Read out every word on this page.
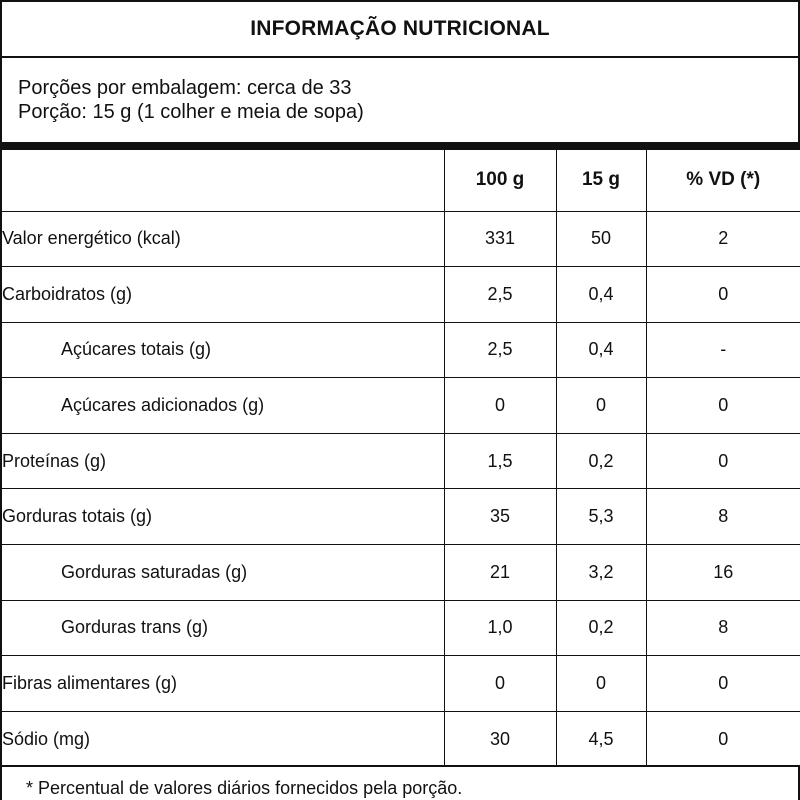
INFORMAÇÃO NUTRICIONAL
Porções por embalagem: cerca de 33
Porção: 15 g (1 colher e meia de sopa)
	100 g	15 g	% VD (*)
Valor energético (kcal)	331	50	2
Carboidratos (g)	2,5	0,4	0
Açúcares totais (g)	2,5	0,4	-
Açúcares adicionados (g)	0	0	0
Proteínas (g)	1,5	0,2	0
Gorduras totais (g)	35	5,3	8
Gorduras saturadas (g)	21	3,2	16
Gorduras trans (g)	1,0	0,2	8
Fibras alimentares (g)	0	0	0
Sódio (mg)	30	4,5	0
* Percentual de valores diários fornecidos pela porção.
